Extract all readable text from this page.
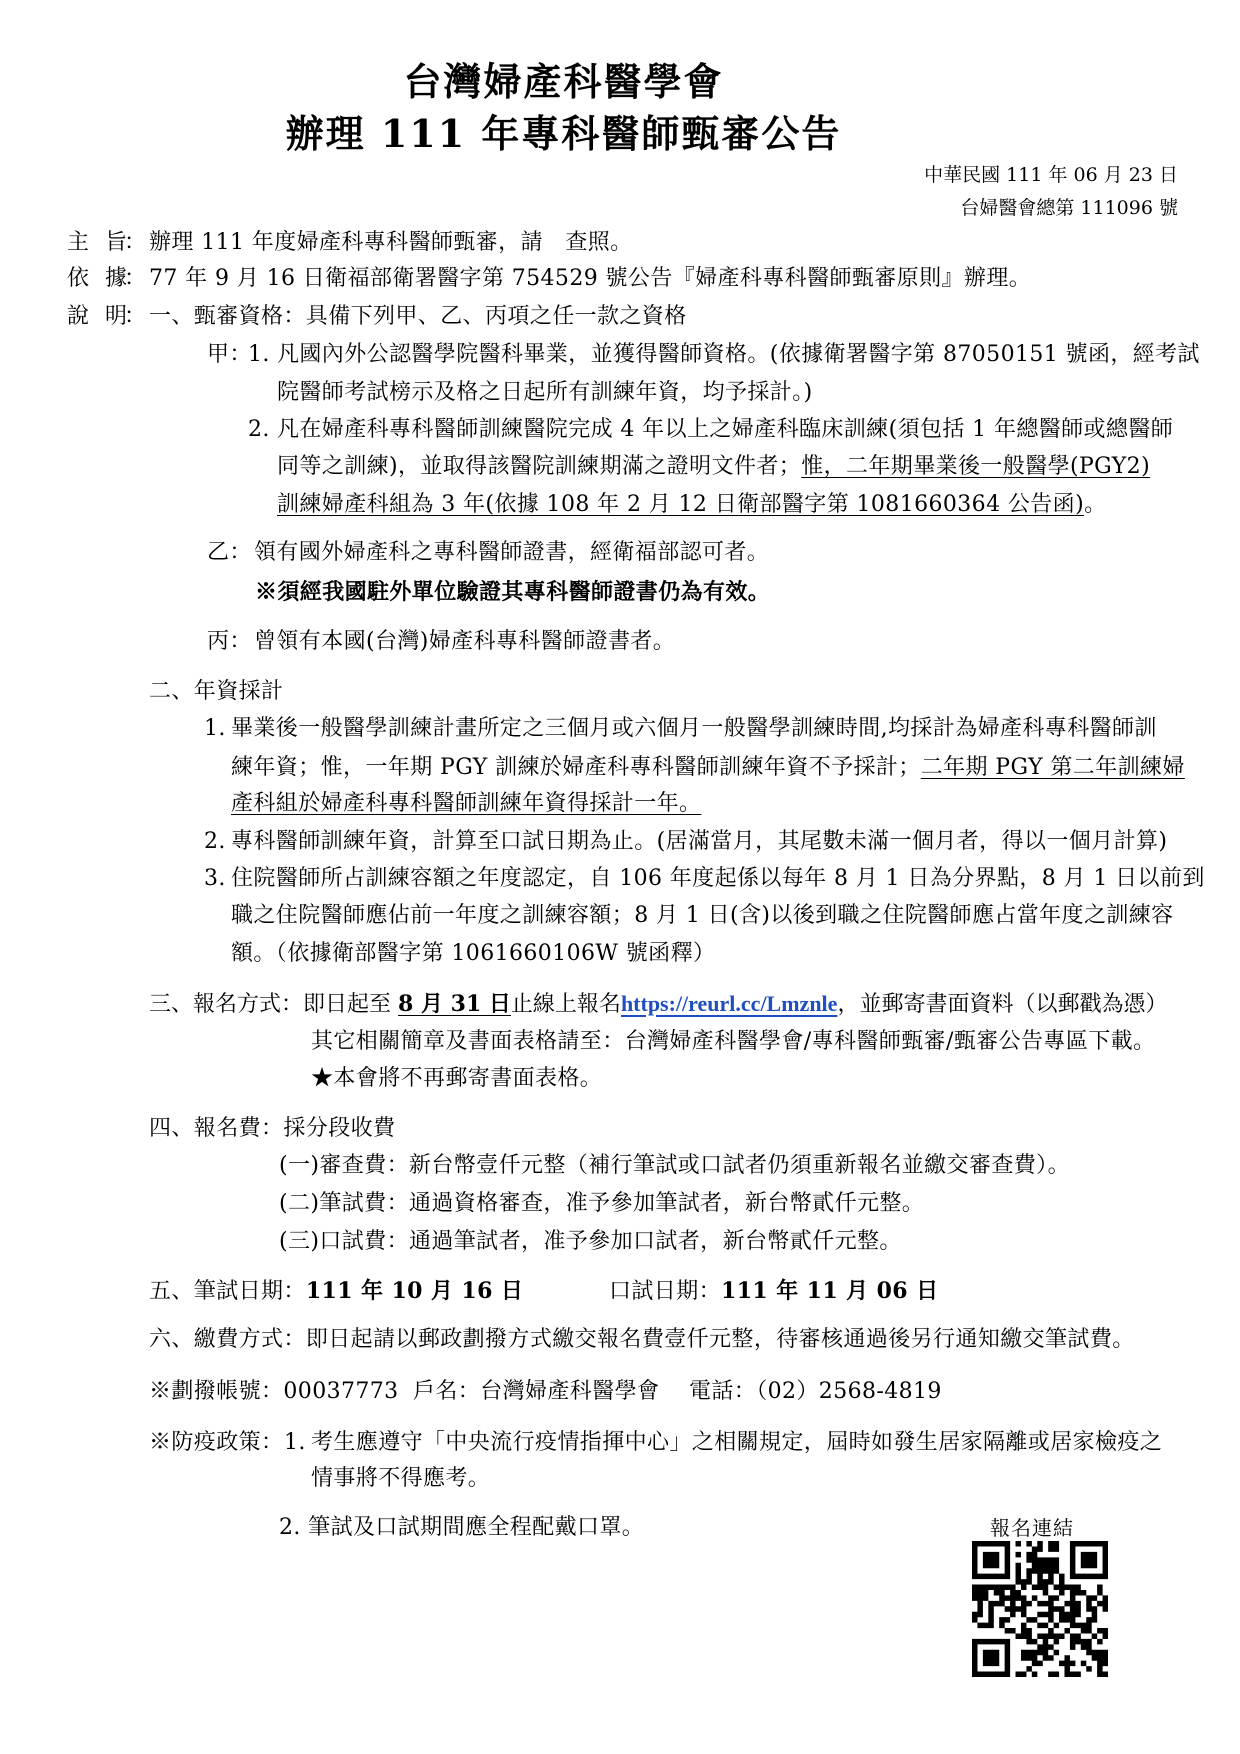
台灣婦產科醫學會
辦理 111 年專科醫師甄審公告
中華民國 111 年 06 月 23 日
台婦醫會總第 111096 號
主　旨： 辦理 111 年度婦產科專科醫師甄審，請　查照。
依　據： 77 年 9 月 16 日衛福部衛署醫字第 754529 號公告『婦產科專科醫師甄審原則』辦理。
說　明： 一、甄審資格：具備下列甲、乙、丙項之任一款之資格
甲：1. 凡國內外公認醫學院醫科畢業，並獲得醫師資格。(依據衛署醫字第 87050151 號函，經考試
院醫師考試榜示及格之日起所有訓練年資，均予採計。)
2. 凡在婦產科專科醫師訓練醫院完成 4 年以上之婦產科臨床訓練(須包括 1 年總醫師或總醫師
同等之訓練)，並取得該醫院訓練期滿之證明文件者；惟，二年期畢業後一般醫學(PGY2)
訓練婦產科組為 3 年(依據 108 年 2 月 12 日衛部醫字第 1081660364 公告函)。
乙：領有國外婦產科之專科醫師證書，經衛福部認可者。
※須經我國駐外單位驗證其專科醫師證書仍為有效。
丙：曾領有本國(台灣)婦產科專科醫師證書者。
二、年資採計
1. 畢業後一般醫學訓練計畫所定之三個月或六個月一般醫學訓練時間,均採計為婦產科專科醫師訓
練年資；惟，一年期 PGY 訓練於婦產科專科醫師訓練年資不予採計；二年期 PGY 第二年訓練婦
產科組於婦產科專科醫師訓練年資得採計一年。
2. 專科醫師訓練年資，計算至口試日期為止。(居滿當月，其尾數未滿一個月者，得以一個月計算)
3. 住院醫師所占訓練容額之年度認定，自 106 年度起係以每年 8 月 1 日為分界點，8 月 1 日以前到
職之住院醫師應佔前一年度之訓練容額；8 月 1 日(含)以後到職之住院醫師應占當年度之訓練容
額。（依據衛部醫字第 1061660106W 號函釋）
三、報名方式：即日起至 8 月 31 日止線上報名https://reurl.cc/Lmznle，並郵寄書面資料（以郵戳為憑）
其它相關簡章及書面表格請至：台灣婦產科醫學會/專科醫師甄審/甄審公告專區下載。
★本會將不再郵寄書面表格。
四、報名費：採分段收費
(一)審查費：新台幣壹仟元整（補行筆試或口試者仍須重新報名並繳交審查費）。
(二)筆試費：通過資格審查，准予參加筆試者，新台幣貳仟元整。
(三)口試費：通過筆試者，准予參加口試者，新台幣貳仟元整。
五、筆試日期：111 年 10 月 16 日	口試日期：111 年 11 月 06 日
六、繳費方式：即日起請以郵政劃撥方式繳交報名費壹仟元整，待審核通過後另行通知繳交筆試費。
※劃撥帳號：00037773 戶名：台灣婦產科醫學會 電話：（02）2568-4819
※防疫政策：1. 考生應遵守「中央流行疫情指揮中心」之相關規定，屆時如發生居家隔離或居家檢疫之
情事將不得應考。
2. 筆試及口試期間應全程配戴口罩。	報名連結
